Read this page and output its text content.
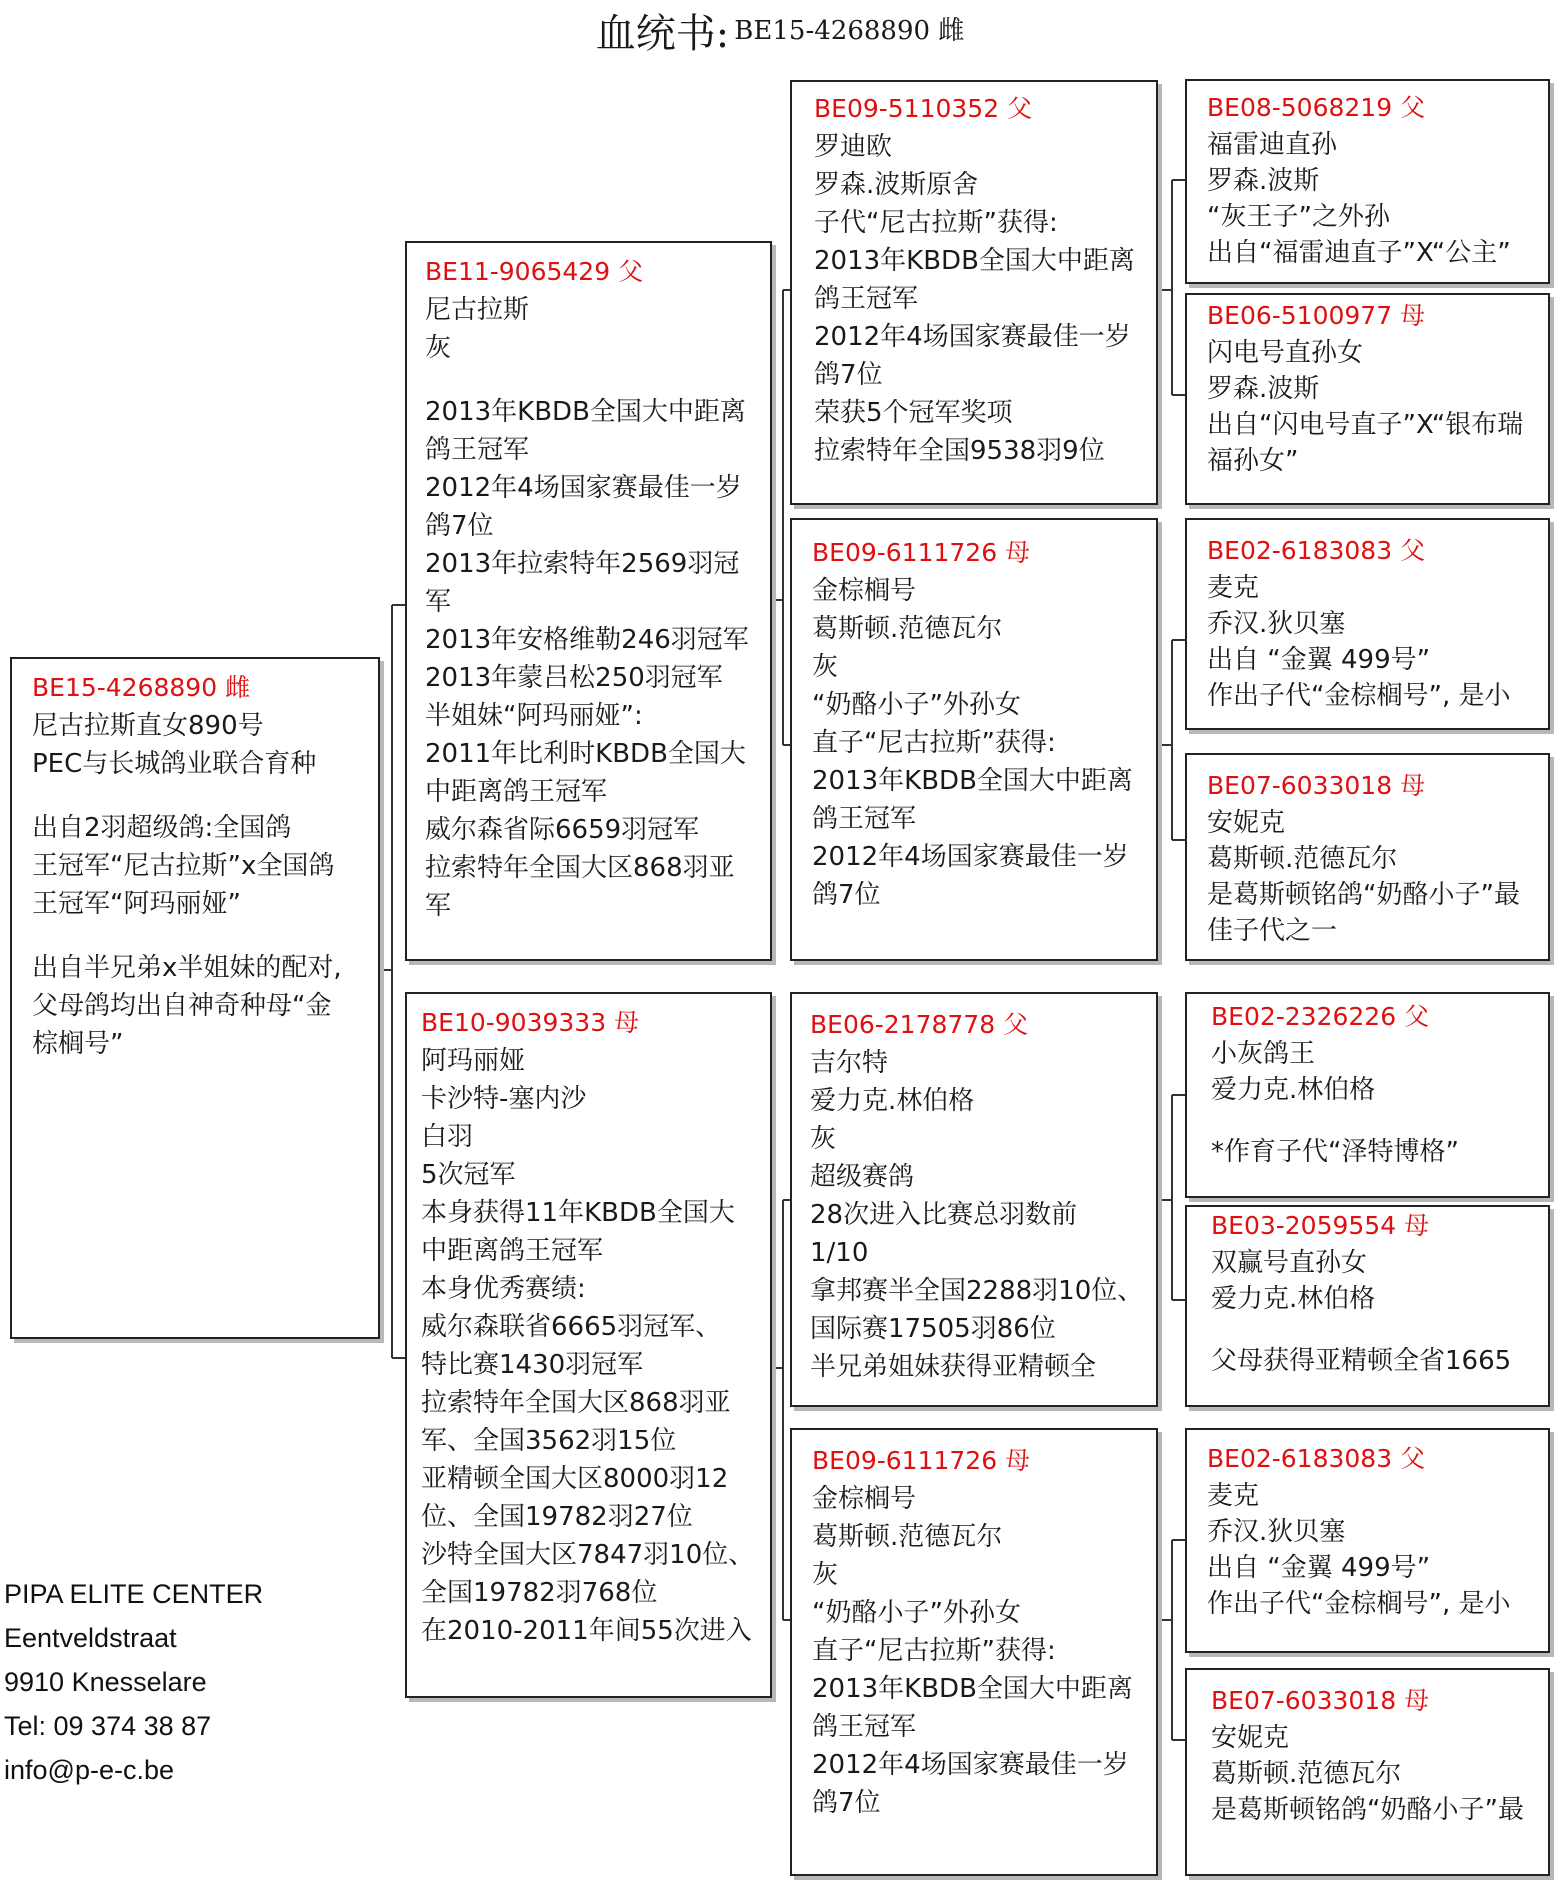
血统书: BE15-4268890 雌
BE15-4268890 雌
尼古拉斯直女890号
PEC与长城鸽业联合育种
出自2羽超级鸽:全国鸽
王冠军“尼古拉斯”x全国鸽
王冠军“阿玛丽娅”
出自半兄弟x半姐妹的配对,
父母鸽均出自神奇种母“金
棕榈号”
BE11-9065429 父
尼古拉斯
灰
2013年KBDB全国大中距离
鸽王冠军
2012年4场国家赛最佳一岁
鸽7位
2013年拉索特年2569羽冠
军
2013年安格维勒246羽冠军
2013年蒙吕松250羽冠军
半姐妹“阿玛丽娅”:
2011年比利时KBDB全国大
中距离鸽王冠军
威尔森省际6659羽冠军
拉索特年全国大区868羽亚
军
BE10-9039333 母
阿玛丽娅
卡沙特-塞内沙
白羽
5次冠军
本身获得11年KBDB全国大
中距离鸽王冠军
本身优秀赛绩:
威尔森联省6665羽冠军、
特比赛1430羽冠军
拉索特年全国大区868羽亚
军、全国3562羽15位
亚精顿全国大区8000羽12
位、全国19782羽27位
沙特全国大区7847羽10位、
全国19782羽768位
在2010-2011年间55次进入
BE09-5110352 父
罗迪欧
罗森.波斯原舍
子代“尼古拉斯”获得:
2013年KBDB全国大中距离
鸽王冠军
2012年4场国家赛最佳一岁
鸽7位
荣获5个冠军奖项
拉索特年全国9538羽9位
BE09-6111726 母
金棕榈号
葛斯顿.范德瓦尔
灰
“奶酪小子”外孙女
直子“尼古拉斯”获得:
2013年KBDB全国大中距离
鸽王冠军
2012年4场国家赛最佳一岁
鸽7位
BE06-2178778 父
吉尔特
爱力克.林伯格
灰
超级赛鸽
28次进入比赛总羽数前
1/10
拿邦赛半全国2288羽10位、
国际赛17505羽86位
半兄弟姐妹获得亚精顿全
BE09-6111726 母
金棕榈号
葛斯顿.范德瓦尔
灰
“奶酪小子”外孙女
直子“尼古拉斯”获得:
2013年KBDB全国大中距离
鸽王冠军
2012年4场国家赛最佳一岁
鸽7位
BE08-5068219 父
福雷迪直孙
罗森.波斯
“灰王子”之外孙
出自“福雷迪直子”X“公主”
BE06-5100977 母
闪电号直孙女
罗森.波斯
出自“闪电号直子”X“银布瑞
福孙女”
BE02-6183083 父
麦克
乔汉.狄贝塞
出自 “金翼 499号”
作出子代“金棕榈号”, 是小
BE07-6033018 母
安妮克
葛斯顿.范德瓦尔
是葛斯顿铭鸽“奶酪小子”最
佳子代之一
BE02-2326226 父
小灰鸽王
爱力克.林伯格
*作育子代“泽特博格”
BE03-2059554 母
双赢号直孙女
爱力克.林伯格
父母获得亚精顿全省1665
BE02-6183083 父
麦克
乔汉.狄贝塞
出自 “金翼 499号”
作出子代“金棕榈号”, 是小
BE07-6033018 母
安妮克
葛斯顿.范德瓦尔
是葛斯顿铭鸽“奶酪小子”最
PIPA ELITE CENTER
Eentveldstraat
9910 Knesselare
Tel: 09 374 38 87
info@p-e-c.be
